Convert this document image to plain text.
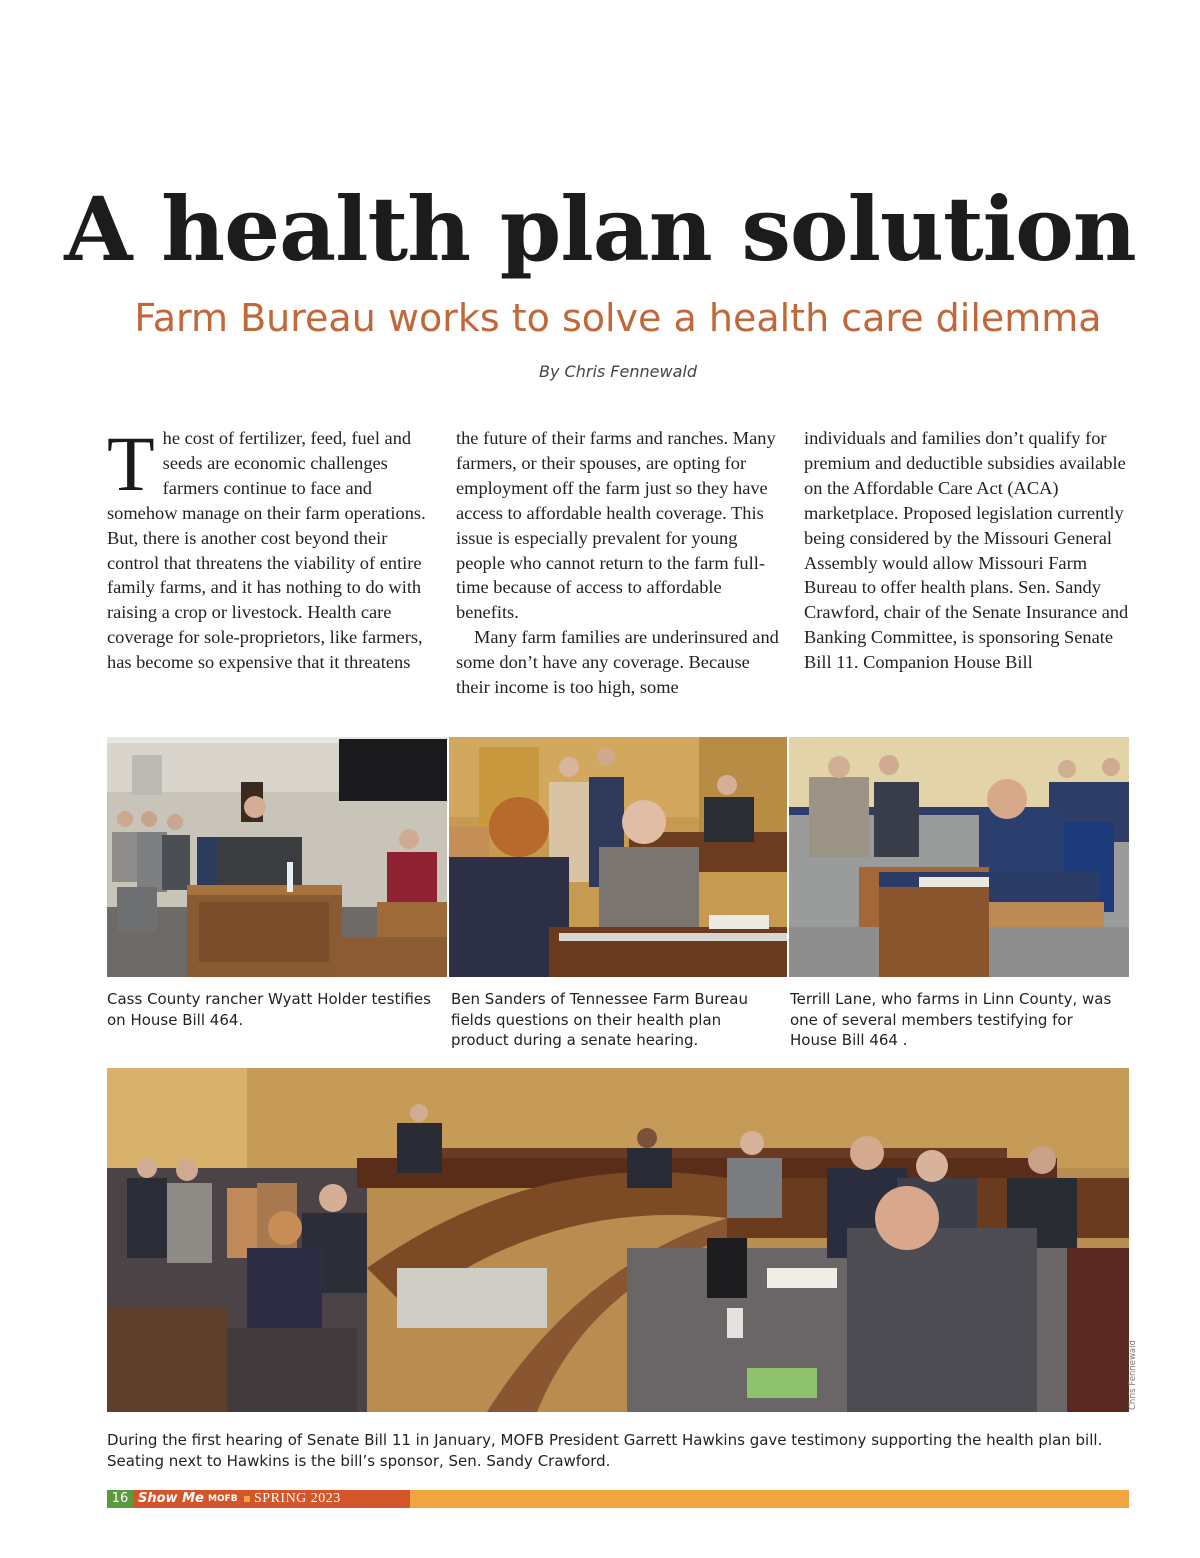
A health plan solution
Farm Bureau works to solve a health care dilemma
By Chris Fennewald

The cost of fertilizer, feed, fuel and seeds are economic challenges farmers continue to face and somehow manage on their farm operations. But, there is another cost beyond their control that threatens the viability of entire family farms, and it has nothing to do with raising a crop or livestock. Health care coverage for sole-proprietors, like farmers, has become so expensive that it threatens

the future of their farms and ranches. Many farmers, or their spouses, are opting for employment off the farm just so they have access to affordable health coverage. This issue is especially prevalent for young people who cannot return to the farm full-time because of access to affordable benefits.

Many farm families are underinsured and some don’t have any coverage. Because their income is too high, some

individuals and families don’t qualify for premium and deductible subsidies available on the Affordable Care Act (ACA) marketplace. Proposed legislation currently being considered by the Missouri General Assembly would allow Missouri Farm Bureau to offer health plans. Sen. Sandy Crawford, chair of the Senate Insurance and Banking Committee, is sponsoring Senate Bill 11. Companion House Bill

Cass County rancher Wyatt Holder testifies on House Bill 464.
Ben Sanders of Tennessee Farm Bureau fields questions on their health plan product during a senate hearing.
Terrill Lane, who farms in Linn County, was one of several members testifying for House Bill 464 .
Chris Fennewald
During the first hearing of Senate Bill 11 in January, MOFB President Garrett Hawkins gave testimony supporting the health plan bill. Seating next to Hawkins is the bill’s sponsor, Sen. Sandy Crawford.
16 Show Me MOFB SPRING 2023
